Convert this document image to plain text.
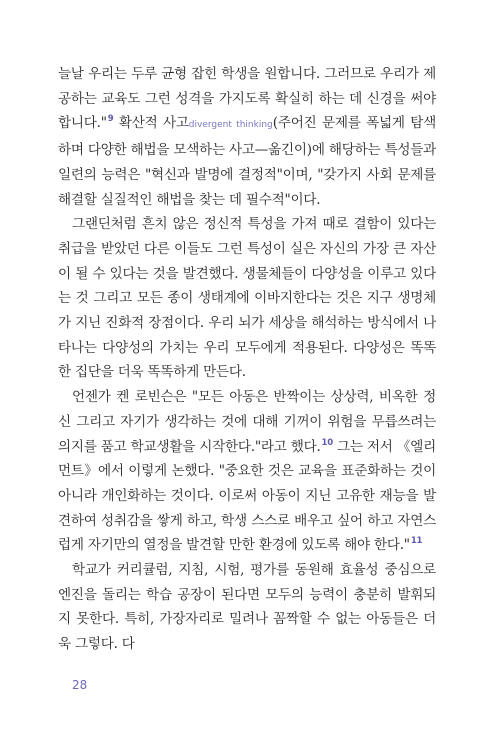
늘날 우리는 두루 균형 잡힌 학생을 원합니다. 그러므로 우리가 제공하는 교육도 그런 성격을 가지도록 확실히 하는 데 신경을 써야 합니다."$^9$ 확산적 사고divergent thinking(주어진 문제를 폭넓게 탐색하며 다양한 해법을 모색하는 사고—옮긴이)에 해당하는 특성들과 일련의 능력은 "혁신과 발명에 결정적"이며, "갖가지 사회 문제를 해결할 실질적인 해법을 찾는 데 필수적"이다.

그랜딘처럼 흔치 않은 정신적 특성을 가져 때로 결함이 있다는 취급을 받았던 다른 이들도 그런 특성이 실은 자신의 가장 큰 자산이 될 수 있다는 것을 발견했다. 생물체들이 다양성을 이루고 있다는 것 그리고 모든 종이 생태계에 이바지한다는 것은 지구 생명체가 지닌 진화적 장점이다. 우리 뇌가 세상을 해석하는 방식에서 나타나는 다양성의 가치는 우리 모두에게 적용된다. 다양성은 똑똑한 집단을 더욱 똑똑하게 만든다.

언젠가 켄 로빈슨은 "모든 아동은 반짝이는 상상력, 비옥한 정신 그리고 자기가 생각하는 것에 대해 기꺼이 위험을 무릅쓰려는 의지를 품고 학교생활을 시작한다."라고 했다.$^{10}$ 그는 저서 《엘리먼트》에서 이렇게 논했다. "중요한 것은 교육을 표준화하는 것이 아니라 개인화하는 것이다. 이로써 아동이 지닌 고유한 재능을 발견하여 성취감을 쌓게 하고, 학생 스스로 배우고 싶어 하고 자연스럽게 자기만의 열정을 발견할 만한 환경에 있도록 해야 한다."$^{11}$

학교가 커리큘럼, 지침, 시험, 평가를 동원해 효율성 중심으로 엔진을 돌리는 학습 공장이 된다면 모두의 능력이 충분히 발휘되지 못한다. 특히, 가장자리로 밀려나 꼼짝할 수 없는 아동들은 더욱 그렇다. 다

28
